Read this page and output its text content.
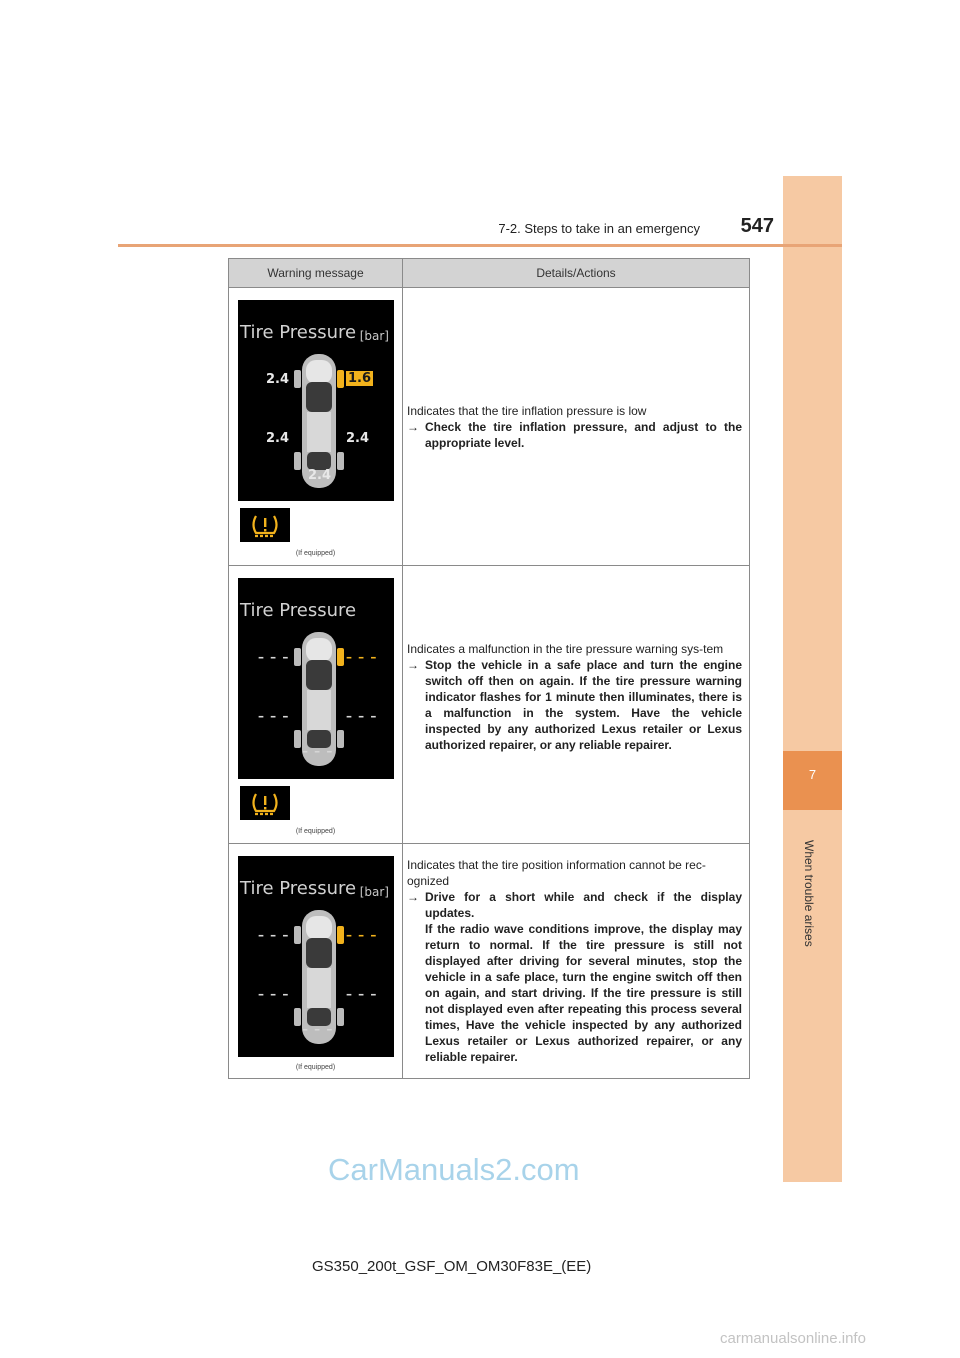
7
When trouble arises
7-2. Steps to take in an emergency	547
Warning message	Details/Actions
Tire Pressure [bar]
2.4	1.6
2.4	2.4
2.4
(If equipped)
Indicates that the tire inflation pressure is low
→ Check the tire inflation pressure, and adjust to the appropriate level.
Tire Pressure
– – –	– – –
– – –	– – –
– – –
(If equipped)
Indicates a malfunction in the tire pressure warning sys-tem
→ Stop the vehicle in a safe place and turn the engine switch off then on again. If the tire pressure warning indicator flashes for 1 minute then illuminates, there is a malfunction in the system. Have the vehicle inspected by any authorized Lexus retailer or Lexus authorized repairer, or any reliable repairer.
Tire Pressure [bar]
– – –	– – –
– – –	– – –
– – –
(If equipped)
Indicates that the tire position information cannot be rec-ognized
→ Drive for a short while and check if the display updates.
If the radio wave conditions improve, the display may return to normal. If the tire pressure is still not displayed after driving for several minutes, stop the vehicle in a safe place, turn the engine switch off then on again, and start driving. If the tire pressure is still not displayed even after repeating this process several times, Have the vehicle inspected by any authorized Lexus retailer or Lexus authorized repairer, or any reliable repairer.
CarManuals2.com
GS350_200t_GSF_OM_OM30F83E_(EE)
carmanualsonline.info
